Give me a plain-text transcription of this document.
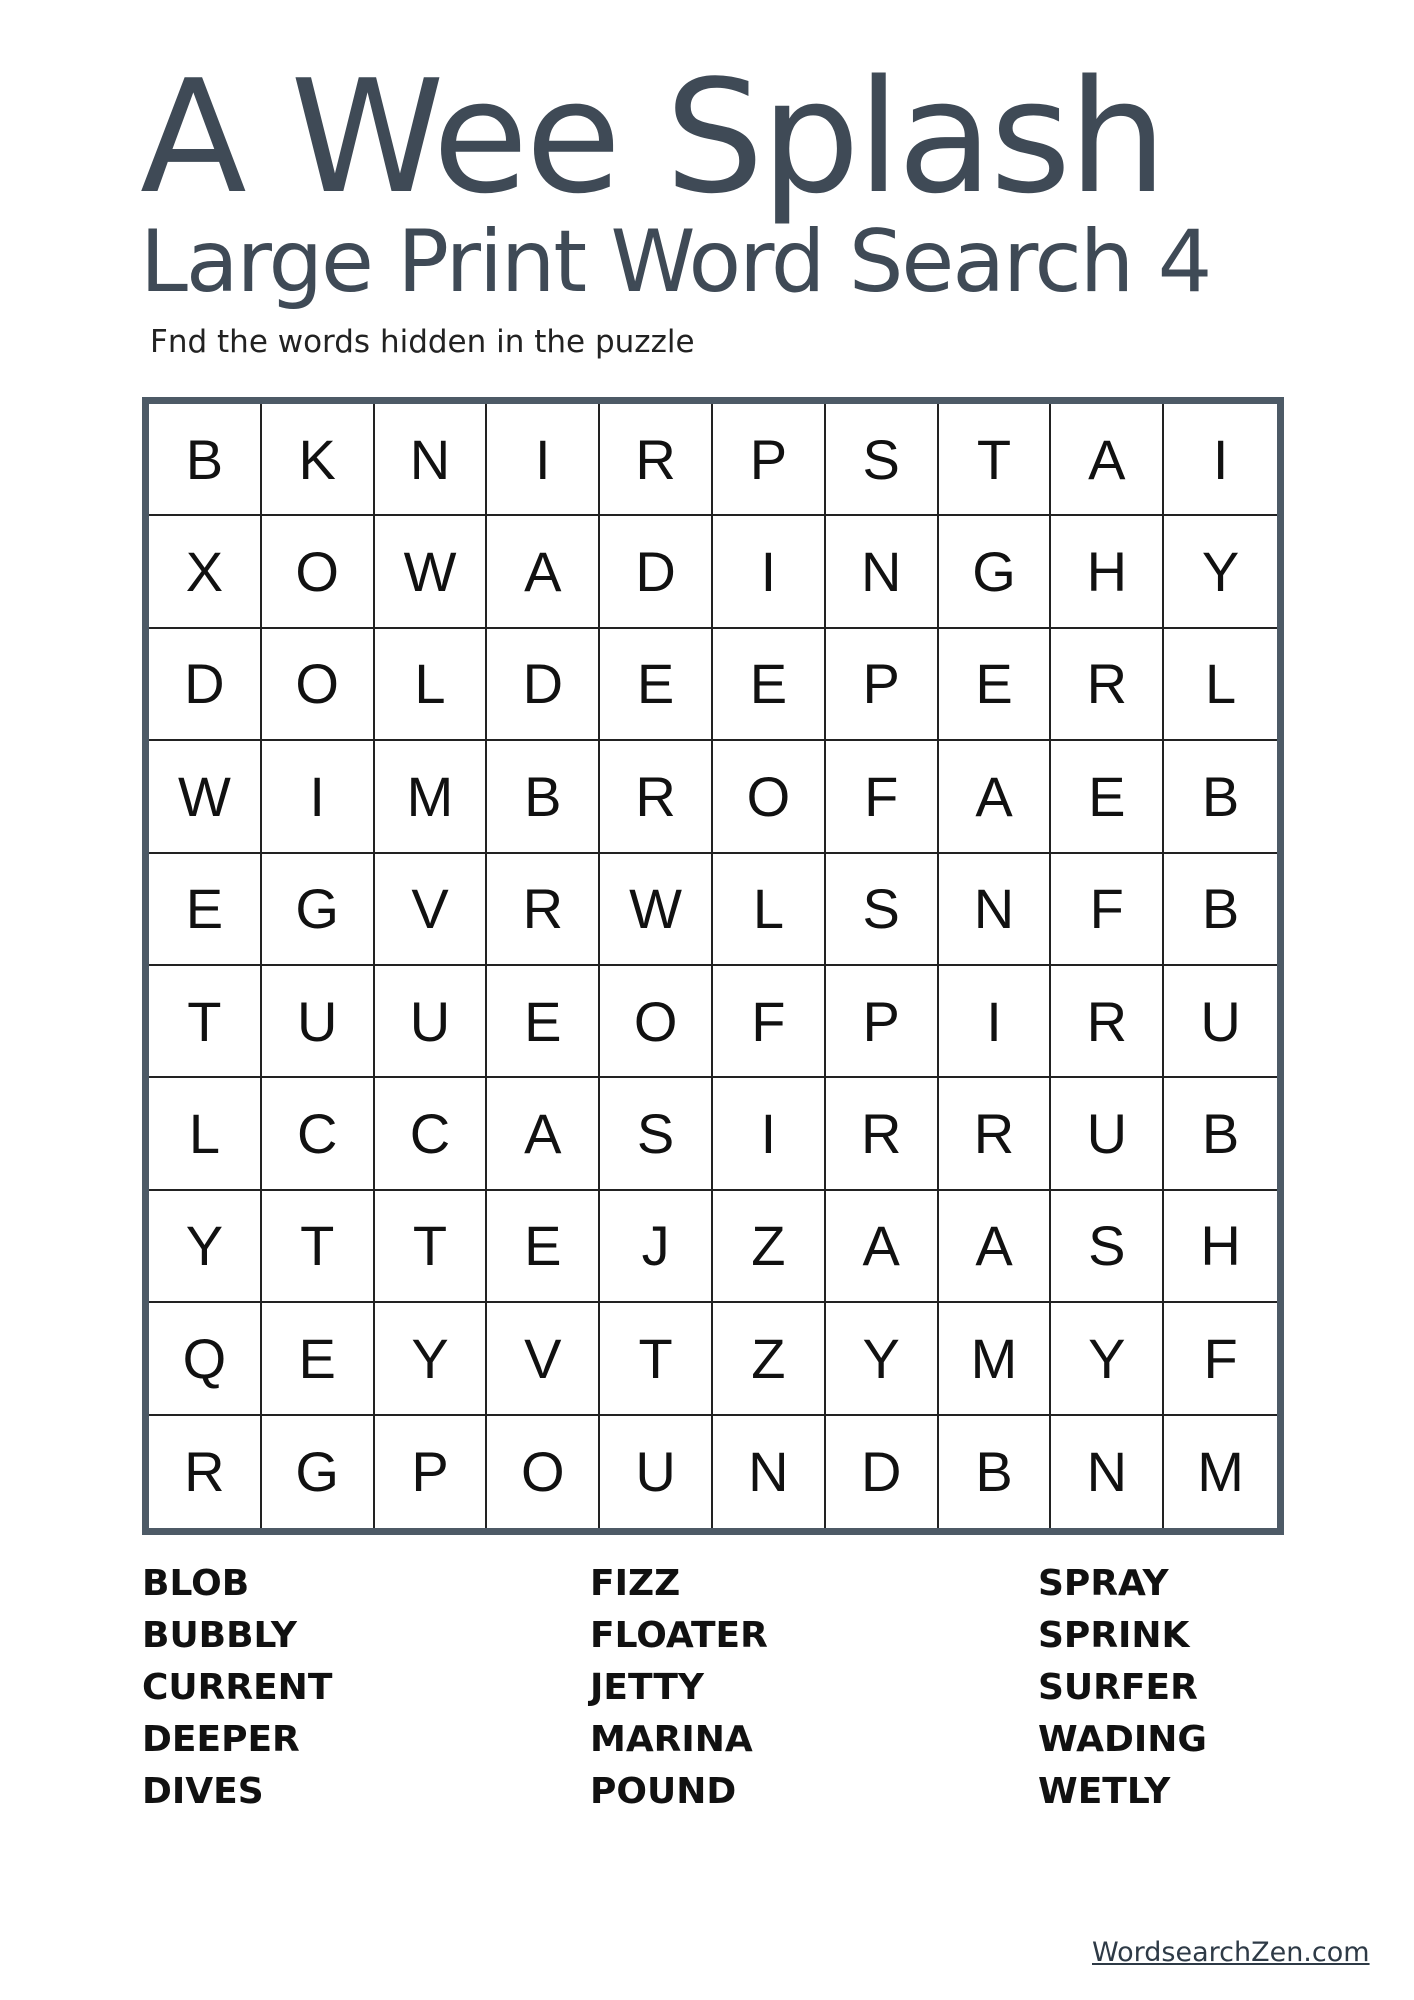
A Wee Splash
Large Print Word Search 4
Fnd the words hidden in the puzzle
B	K	N	I	R	P	S	T	A	I
X	O	W	A	D	I	N	G	H	Y
D	O	L	D	E	E	P	E	R	L
W	I	M	B	R	O	F	A	E	B
E	G	V	R	W	L	S	N	F	B
T	U	U	E	O	F	P	I	R	U
L	C	C	A	S	I	R	R	U	B
Y	T	T	E	J	Z	A	A	S	H
Q	E	Y	V	T	Z	Y	M	Y	F
R	G	P	O	U	N	D	B	N	M
BLOB
BUBBLY
CURRENT
DEEPER
DIVES
FIZZ
FLOATER
JETTY
MARINA
POUND
SPRAY
SPRINK
SURFER
WADING
WETLY
WordsearchZen.com
